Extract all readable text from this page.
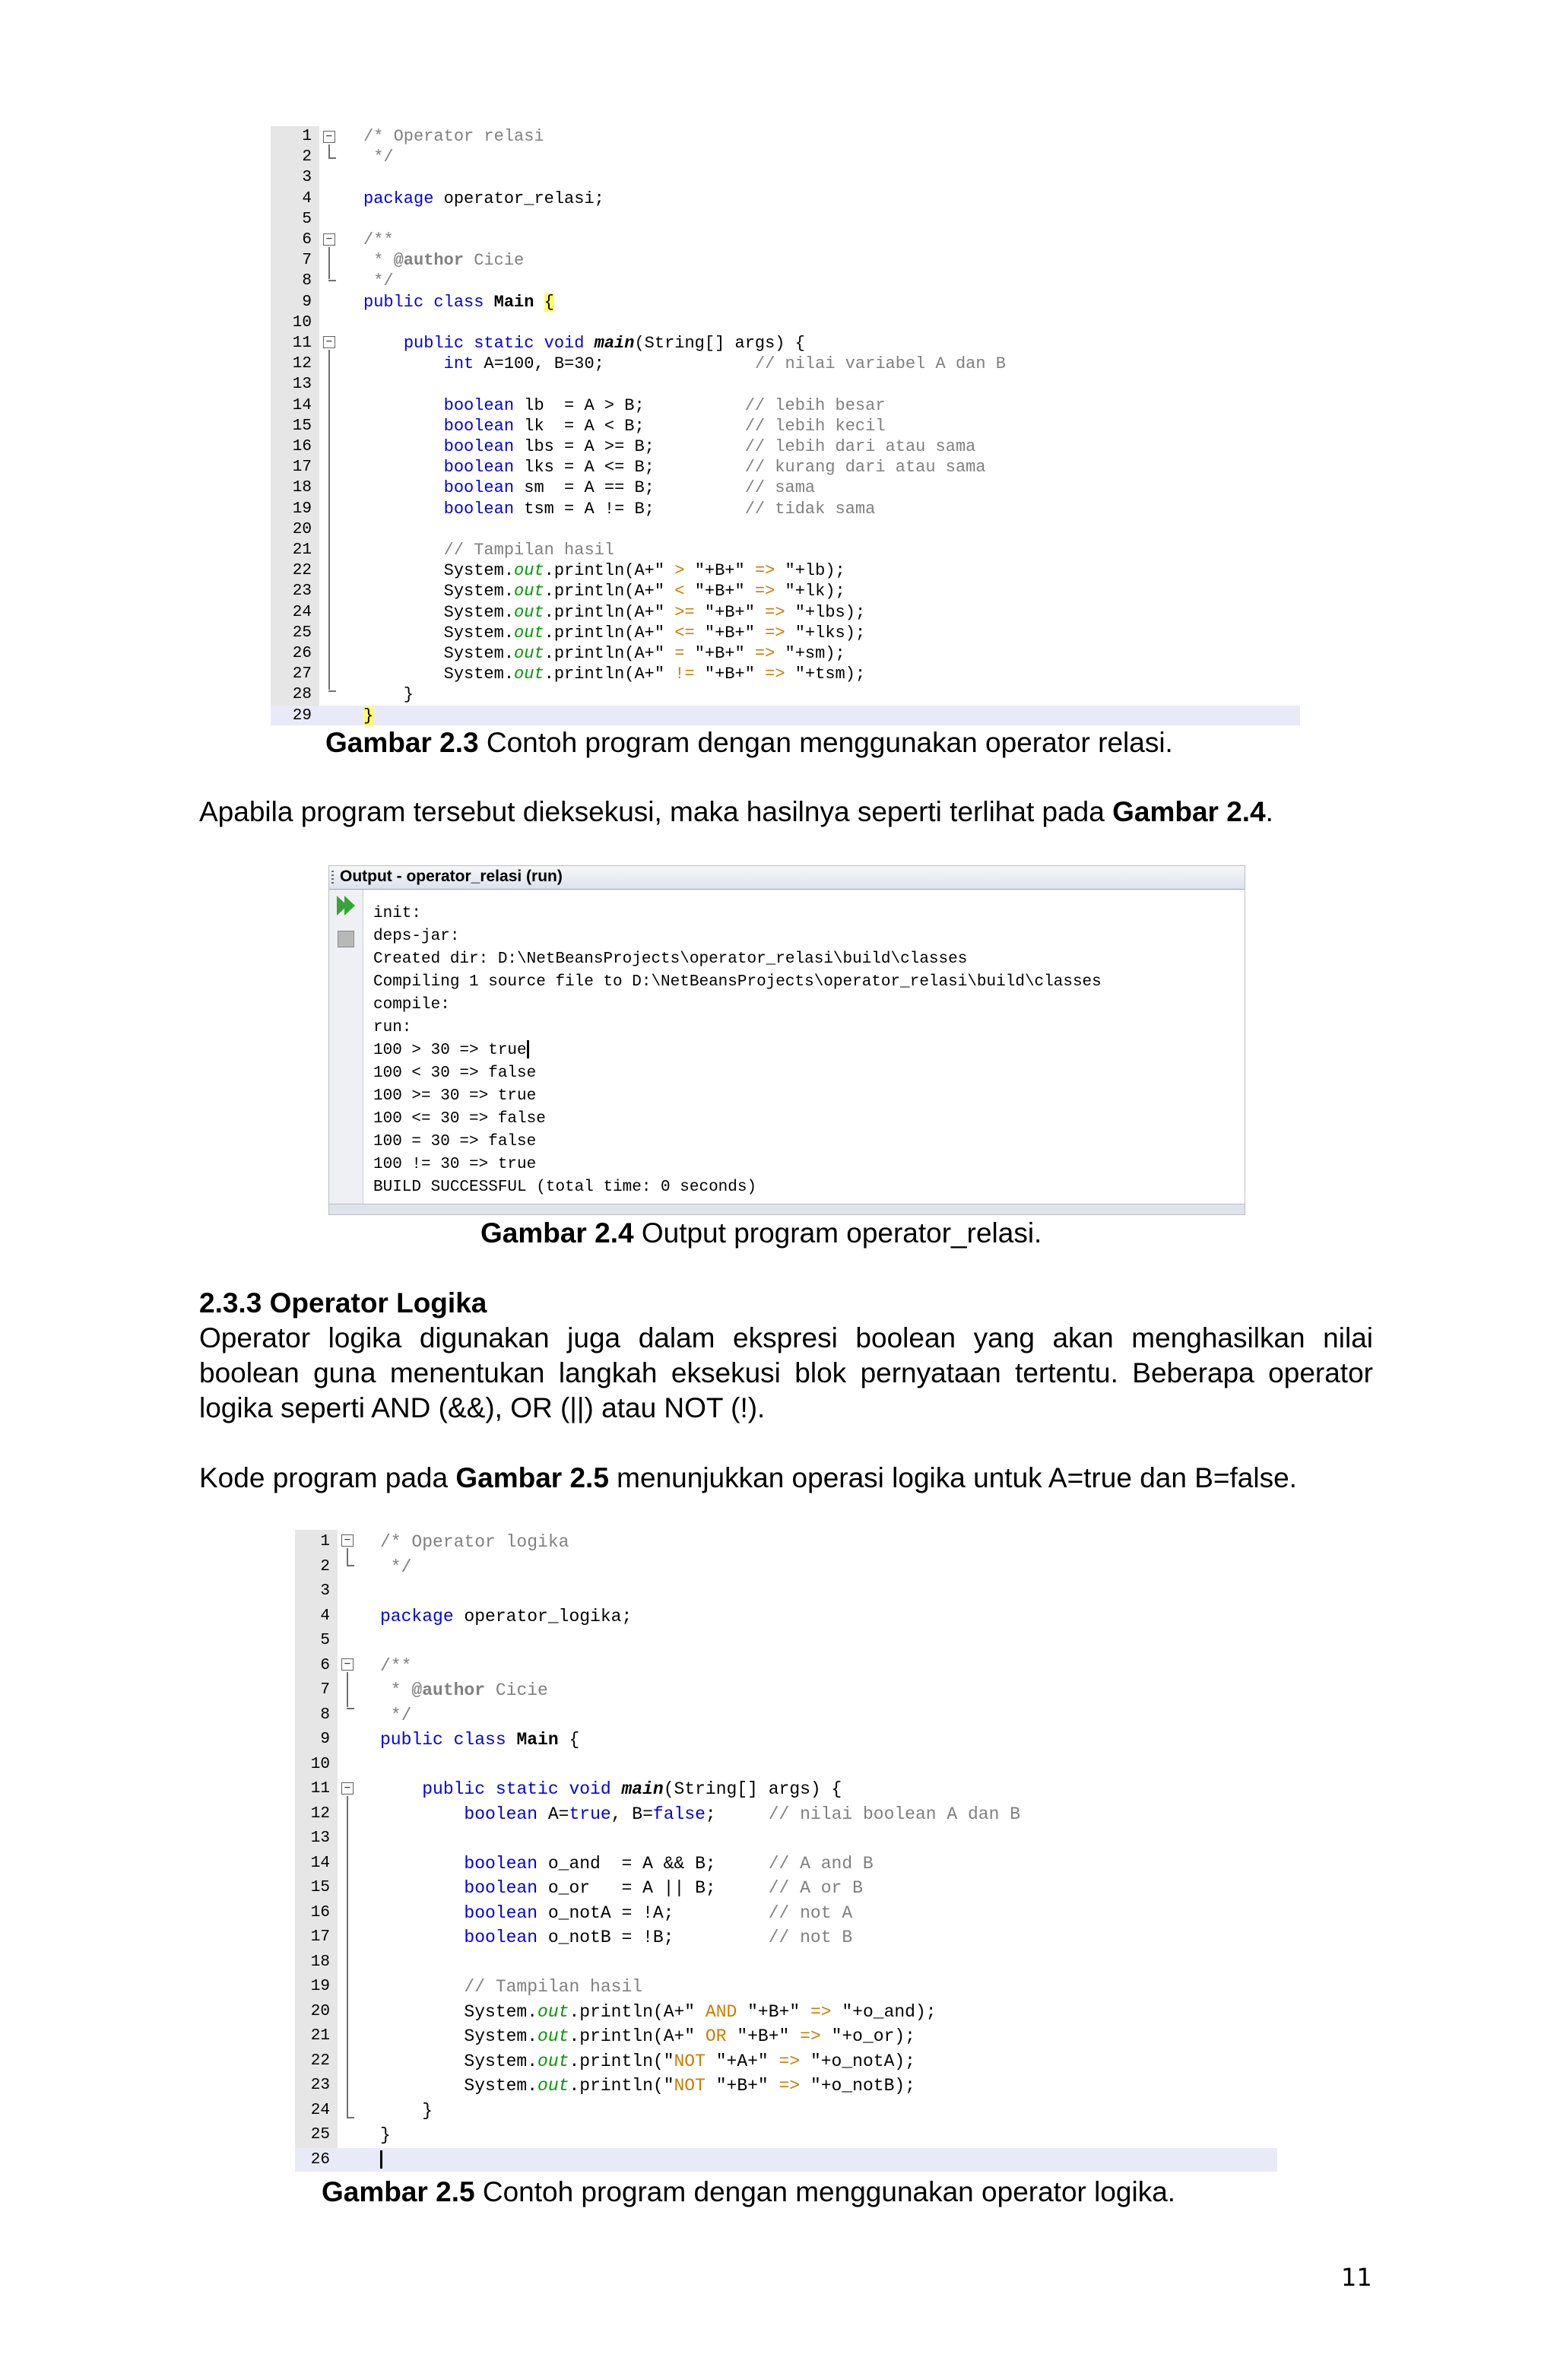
1	/* Operator relasi
2	*/
3
4	package operator_relasi;
5
6	/**
7	* @author Cicie
8	*/
9	public class Main {
10
11	public static void main(String[] args) {
12	int A=100, B=30;               // nilai variabel A dan B
13
14	boolean lb  = A > B;          // lebih besar
15	boolean lk  = A < B;          // lebih kecil
16	boolean lbs = A >= B;         // lebih dari atau sama
17	boolean lks = A <= B;         // kurang dari atau sama
18	boolean sm  = A == B;         // sama
19	boolean tsm = A != B;         // tidak sama
20
21	// Tampilan hasil
22	System.out.println(A+" > "+B+" => "+lb);
23	System.out.println(A+" < "+B+" => "+lk);
24	System.out.println(A+" >= "+B+" => "+lbs);
25	System.out.println(A+" <= "+B+" => "+lks);
26	System.out.println(A+" = "+B+" => "+sm);
27	System.out.println(A+" != "+B+" => "+tsm);
28	}
29	}
−
−
−
Gambar 2.3 Contoh program dengan menggunakan operator relasi.
Apabila program tersebut dieksekusi, maka hasilnya seperti terlihat pada Gambar 2.4.
Output - operator_relasi (run)
init:
deps-jar:
Created dir: D:\NetBeansProjects\operator_relasi\build\classes
Compiling 1 source file to D:\NetBeansProjects\operator_relasi\build\classes
compile:
run:
100 > 30 => true
100 < 30 => false
100 >= 30 => true
100 <= 30 => false
100 = 30 => false
100 != 30 => true
BUILD SUCCESSFUL (total time: 0 seconds)
Gambar 2.4 Output program operator_relasi.
2.3.3 Operator Logika
Operator logika digunakan juga dalam ekspresi boolean yang akan menghasilkan nilai boolean guna menentukan langkah eksekusi blok pernyataan tertentu. Beberapa operator logika seperti AND (&&), OR (||) atau NOT (!).
Kode program pada Gambar 2.5 menunjukkan operasi logika untuk A=true dan B=false.
1	/* Operator logika
2	*/
3
4	package operator_logika;
5
6	/**
7	* @author Cicie
8	*/
9	public class Main {
10
11	public static void main(String[] args) {
12	boolean A=true, B=false;     // nilai boolean A dan B
13
14	boolean o_and  = A && B;     // A and B
15	boolean o_or   = A || B;     // A or B
16	boolean o_notA = !A;         // not A
17	boolean o_notB = !B;         // not B
18
19	// Tampilan hasil
20	System.out.println(A+" AND "+B+" => "+o_and);
21	System.out.println(A+" OR "+B+" => "+o_or);
22	System.out.println("NOT "+A+" => "+o_notA);
23	System.out.println("NOT "+B+" => "+o_notB);
24	}
25	}
26
−
−
−
Gambar 2.5 Contoh program dengan menggunakan operator logika.
11
